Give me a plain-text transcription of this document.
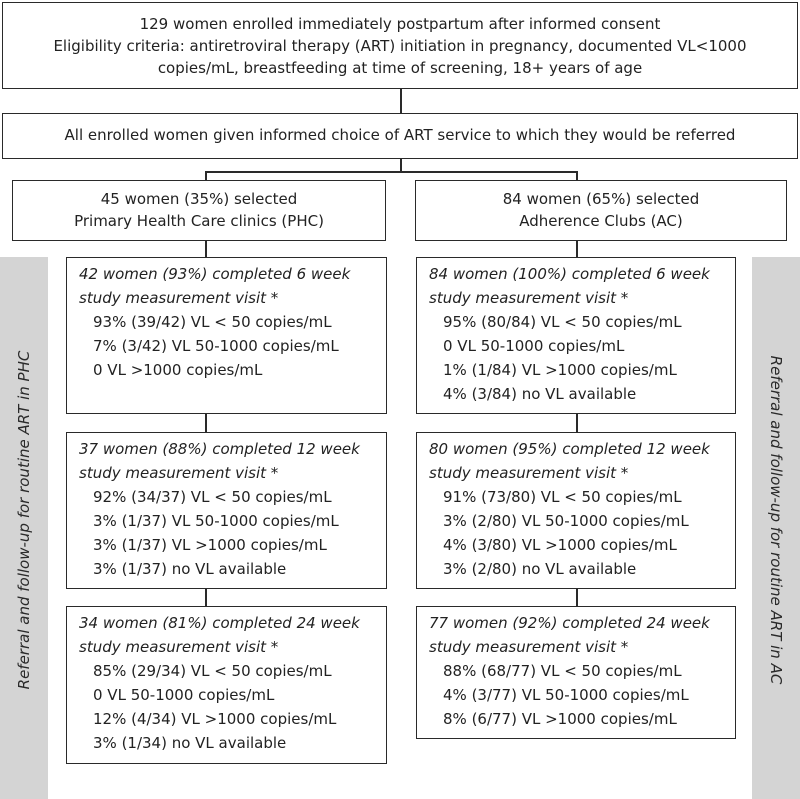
Referral and follow-up for routine ART in PHC	Referral and follow-up for routine ART in AC
129 women enrolled immediately postpartum after informed consent
Eligibility criteria: antiretroviral therapy (ART) initiation in pregnancy, documented VL<1000
copies/mL, breastfeeding at time of screening, 18+ years of age
All enrolled women given informed choice of ART service to which they would be referred
45 women (35%) selected
Primary Health Care clinics (PHC)
84 women (65%) selected
Adherence Clubs (AC)
42 women (93%) completed 6 week
study measurement visit *
93% (39/42) VL < 50 copies/mL
7% (3/42) VL 50-1000 copies/mL
0 VL >1000 copies/mL
37 women (88%) completed 12 week
study measurement visit *
92% (34/37) VL < 50 copies/mL
3% (1/37) VL 50-1000 copies/mL
3% (1/37) VL >1000 copies/mL
3% (1/37) no VL available
34 women (81%) completed 24 week
study measurement visit *
85% (29/34) VL < 50 copies/mL
0 VL 50-1000 copies/mL
12% (4/34) VL >1000 copies/mL
3% (1/34) no VL available
84 women (100%) completed 6 week
study measurement visit *
95% (80/84) VL < 50 copies/mL
0 VL 50-1000 copies/mL
1% (1/84) VL >1000 copies/mL
4% (3/84) no VL available
80 women (95%) completed 12 week
study measurement visit *
91% (73/80) VL < 50 copies/mL
3% (2/80) VL 50-1000 copies/mL
4% (3/80) VL >1000 copies/mL
3% (2/80) no VL available
77 women (92%) completed 24 week
study measurement visit *
88% (68/77) VL < 50 copies/mL
4% (3/77) VL 50-1000 copies/mL
8% (6/77) VL >1000 copies/mL
